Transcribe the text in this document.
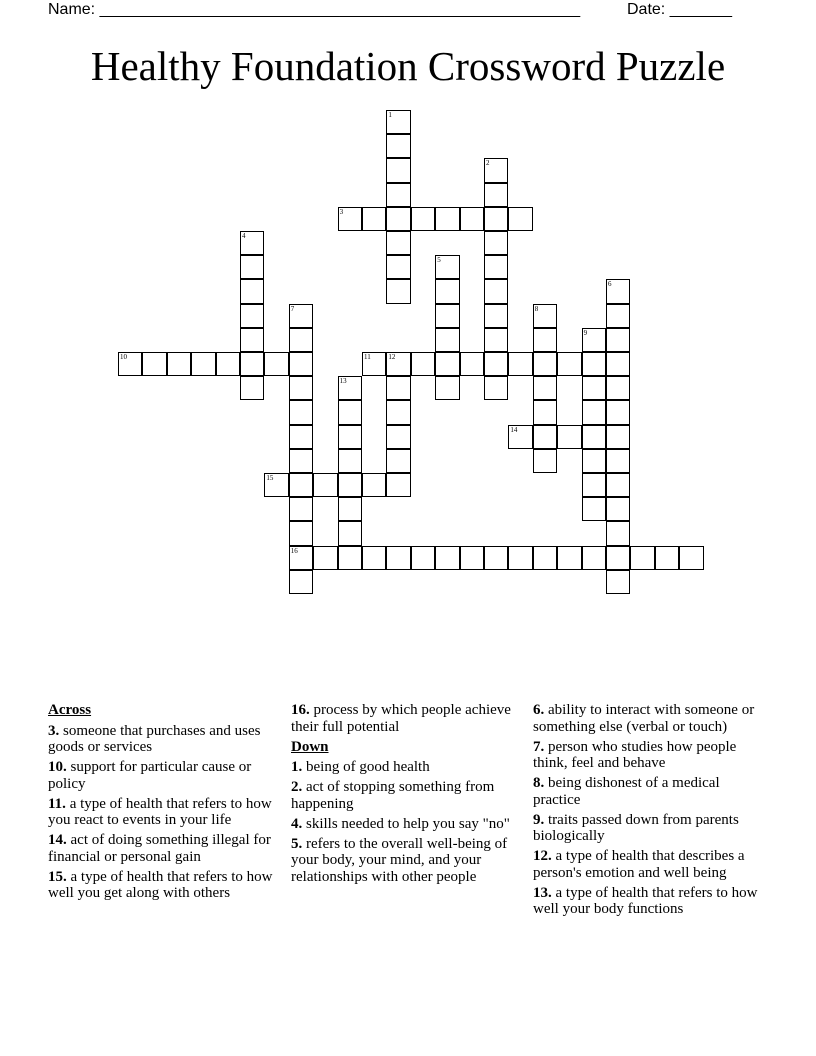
Name: ______________________________________________________	Date: _______
Healthy Foundation Crossword Puzzle
1
2
3
4
5
6
7
16
8
9
10	11	12
13
14
15
Across
3. someone that purchases and uses goods or services
10. support for particular cause or policy
11. a type of health that refers to how you react to events in your life
14. act of doing something illegal for financial or personal gain
15. a type of health that refers to how well you get along with others
16. process by which people achieve their full potential
Down
1. being of good health
2. act of stopping something from happening
4. skills needed to help you say "no"
5. refers to the overall well-being of your body, your mind, and your relationships with other people
6. ability to interact with someone or something else (verbal or touch)
7. person who studies how people think, feel and behave
8. being dishonest of a medical practice
9. traits passed down from parents biologically
12. a type of health that describes a person's emotion and well being
13. a type of health that refers to how well your body functions
